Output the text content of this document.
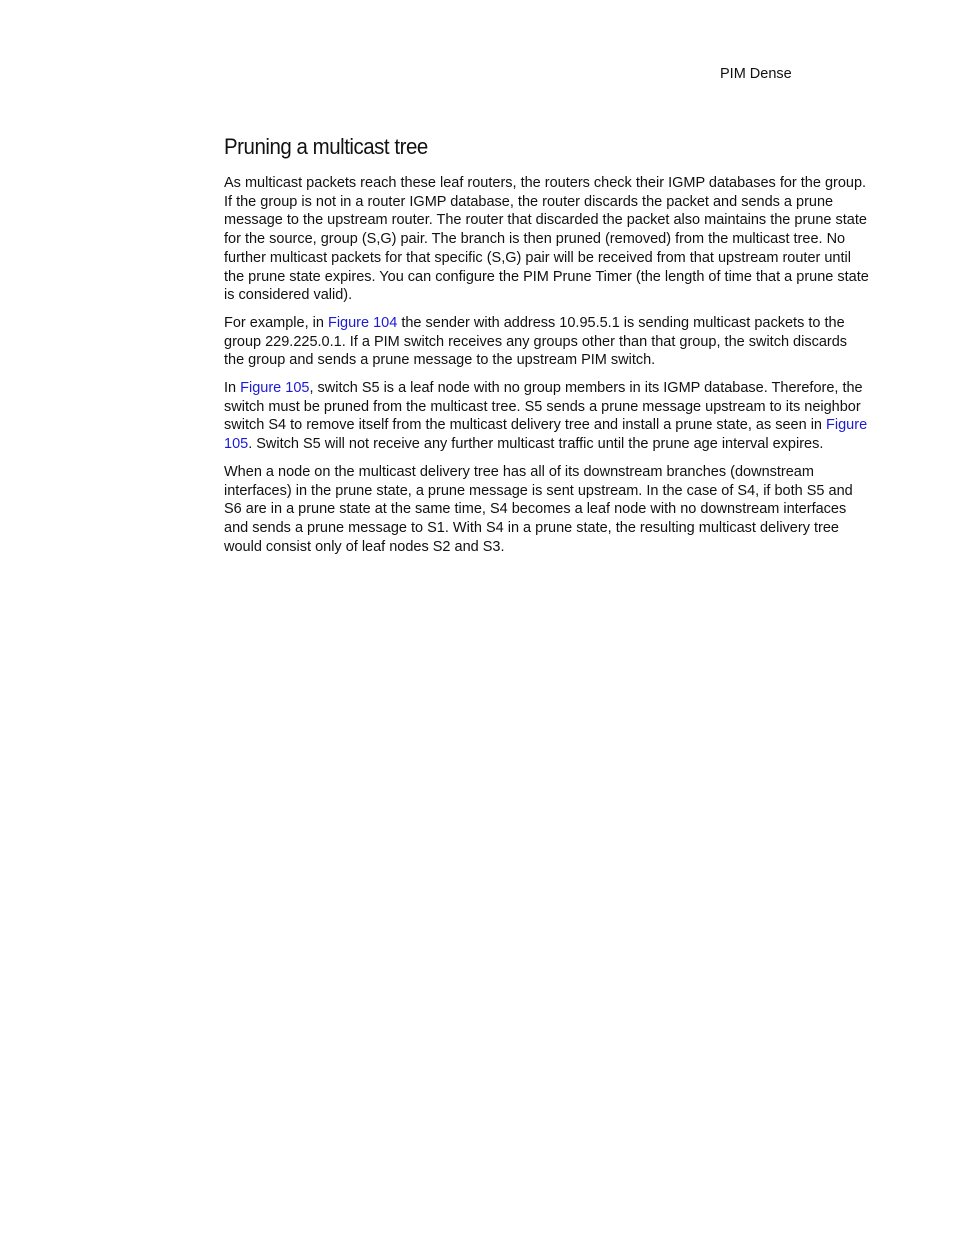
PIM Dense
Pruning a multicast tree

As multicast packets reach these leaf routers, the routers check their IGMP databases for the group. If the group is not in a router IGMP database, the router discards the packet and sends a prune message to the upstream router. The router that discarded the packet also maintains the prune state for the source, group (S,G) pair. The branch is then pruned (removed) from the multicast tree. No further multicast packets for that specific (S,G) pair will be received from that upstream router until the prune state expires. You can configure the PIM Prune Timer (the length of time that a prune state is considered valid).

For example, in Figure 104 the sender with address 10.95.5.1 is sending multicast packets to the group 229.225.0.1. If a PIM switch receives any groups other than that group, the switch discards the group and sends a prune message to the upstream PIM switch.

In Figure 105, switch S5 is a leaf node with no group members in its IGMP database. Therefore, the switch must be pruned from the multicast tree. S5 sends a prune message upstream to its neighbor switch S4 to remove itself from the multicast delivery tree and install a prune state, as seen in Figure 105. Switch S5 will not receive any further multicast traffic until the prune age interval expires.

When a node on the multicast delivery tree has all of its downstream branches (downstream interfaces) in the prune state, a prune message is sent upstream. In the case of S4, if both S5 and S6 are in a prune state at the same time, S4 becomes a leaf node with no downstream interfaces and sends a prune message to S1. With S4 in a prune state, the resulting multicast delivery tree would consist only of leaf nodes S2 and S3.
